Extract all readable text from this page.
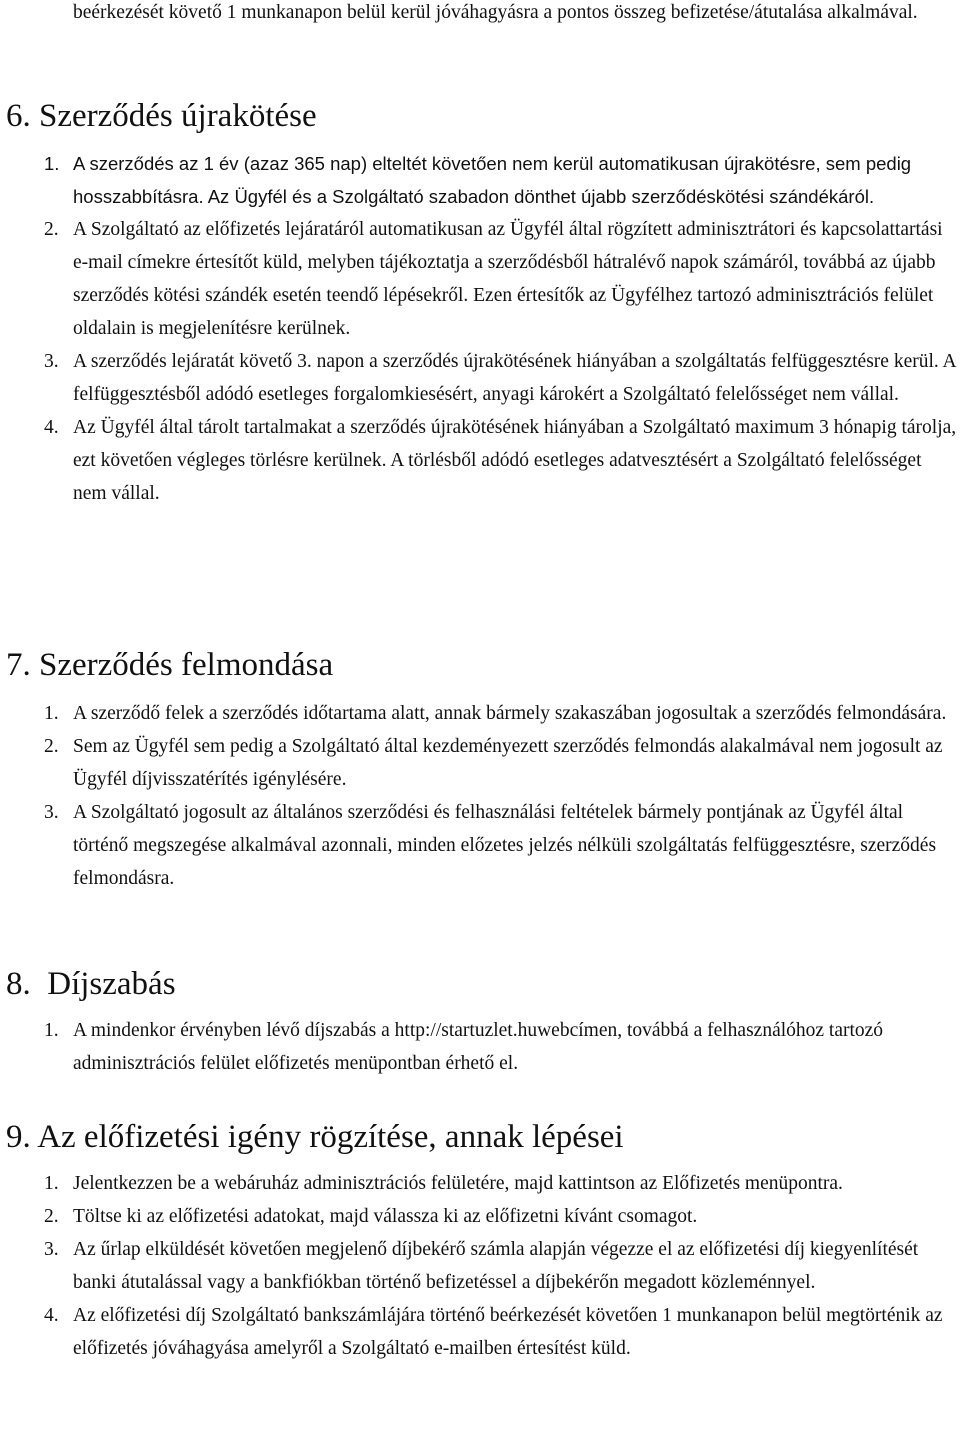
beérkezését követő 1 munkanapon belül kerül jóváhagyásra a pontos összeg befizetése/átutalása alkalmával.

6. Szerződés újrakötése
1. A szerződés az 1 év (azaz 365 nap) elteltét követően nem kerül automatikusan újrakötésre, sem pedig hosszabbításra. Az Ügyfél és a Szolgáltató szabadon dönthet újabb szerződéskötési szándékáról.
2. A Szolgáltató az előfizetés lejáratáról automatikusan az Ügyfél által rögzített adminisztrátori és kapcsolattartási e-mail címekre értesítőt küld, melyben tájékoztatja a szerződésből hátralévő napok számáról, továbbá az újabb szerződés kötési szándék esetén teendő lépésekről. Ezen értesítők az Ügyfélhez tartozó adminisztrációs felület oldalain is megjelenítésre kerülnek.
3. A szerződés lejáratát követő 3. napon a szerződés újrakötésének hiányában a szolgáltatás felfüggesztésre kerül. A felfüggesztésből adódó esetleges forgalomkiesésért, anyagi károkért a Szolgáltató felelősséget nem vállal.
4. Az Ügyfél által tárolt tartalmakat a szerződés újrakötésének hiányában a Szolgáltató maximum 3 hónapig tárolja, ezt követően végleges törlésre kerülnek. A törlésből adódó esetleges adatvesztésért a Szolgáltató felelősséget nem vállal.
7. Szerződés felmondása
1. A szerződő felek a szerződés időtartama alatt, annak bármely szakaszában jogosultak a szerződés felmondására.
2. Sem az Ügyfél sem pedig a Szolgáltató által kezdeményezett szerződés felmondás alakalmával nem jogosult az Ügyfél díjvisszatérítés igénylésére.
3. A Szolgáltató jogosult az általános szerződési és felhasználási feltételek bármely pontjának az Ügyfél által történő megszegése alkalmával azonnali, minden előzetes jelzés nélküli szolgáltatás felfüggesztésre, szerződés felmondásra.
8. Díjszabás
1. A mindenkor érvényben lévő díjszabás a http://startuzlet.huwebcímen, továbbá a felhasználóhoz tartozó adminisztrációs felület előfizetés menüpontban érhető el.
9. Az előfizetési igény rögzítése, annak lépései
1. Jelentkezzen be a webáruház adminisztrációs felületére, majd kattintson az Előfizetés menüpontra.
2. Töltse ki az előfizetési adatokat, majd válassza ki az előfizetni kívánt csomagot.
3. Az űrlap elküldését követően megjelenő díjbekérő számla alapján végezze el az előfizetési díj kiegyenlítését banki átutalással vagy a bankfiókban történő befizetéssel a díjbekérőn megadott közleménnyel.
4. Az előfizetési díj Szolgáltató bankszámlájára történő beérkezését követően 1 munkanapon belül megtörténik az előfizetés jóváhagyása amelyről a Szolgáltató e-mailben értesítést küld.
